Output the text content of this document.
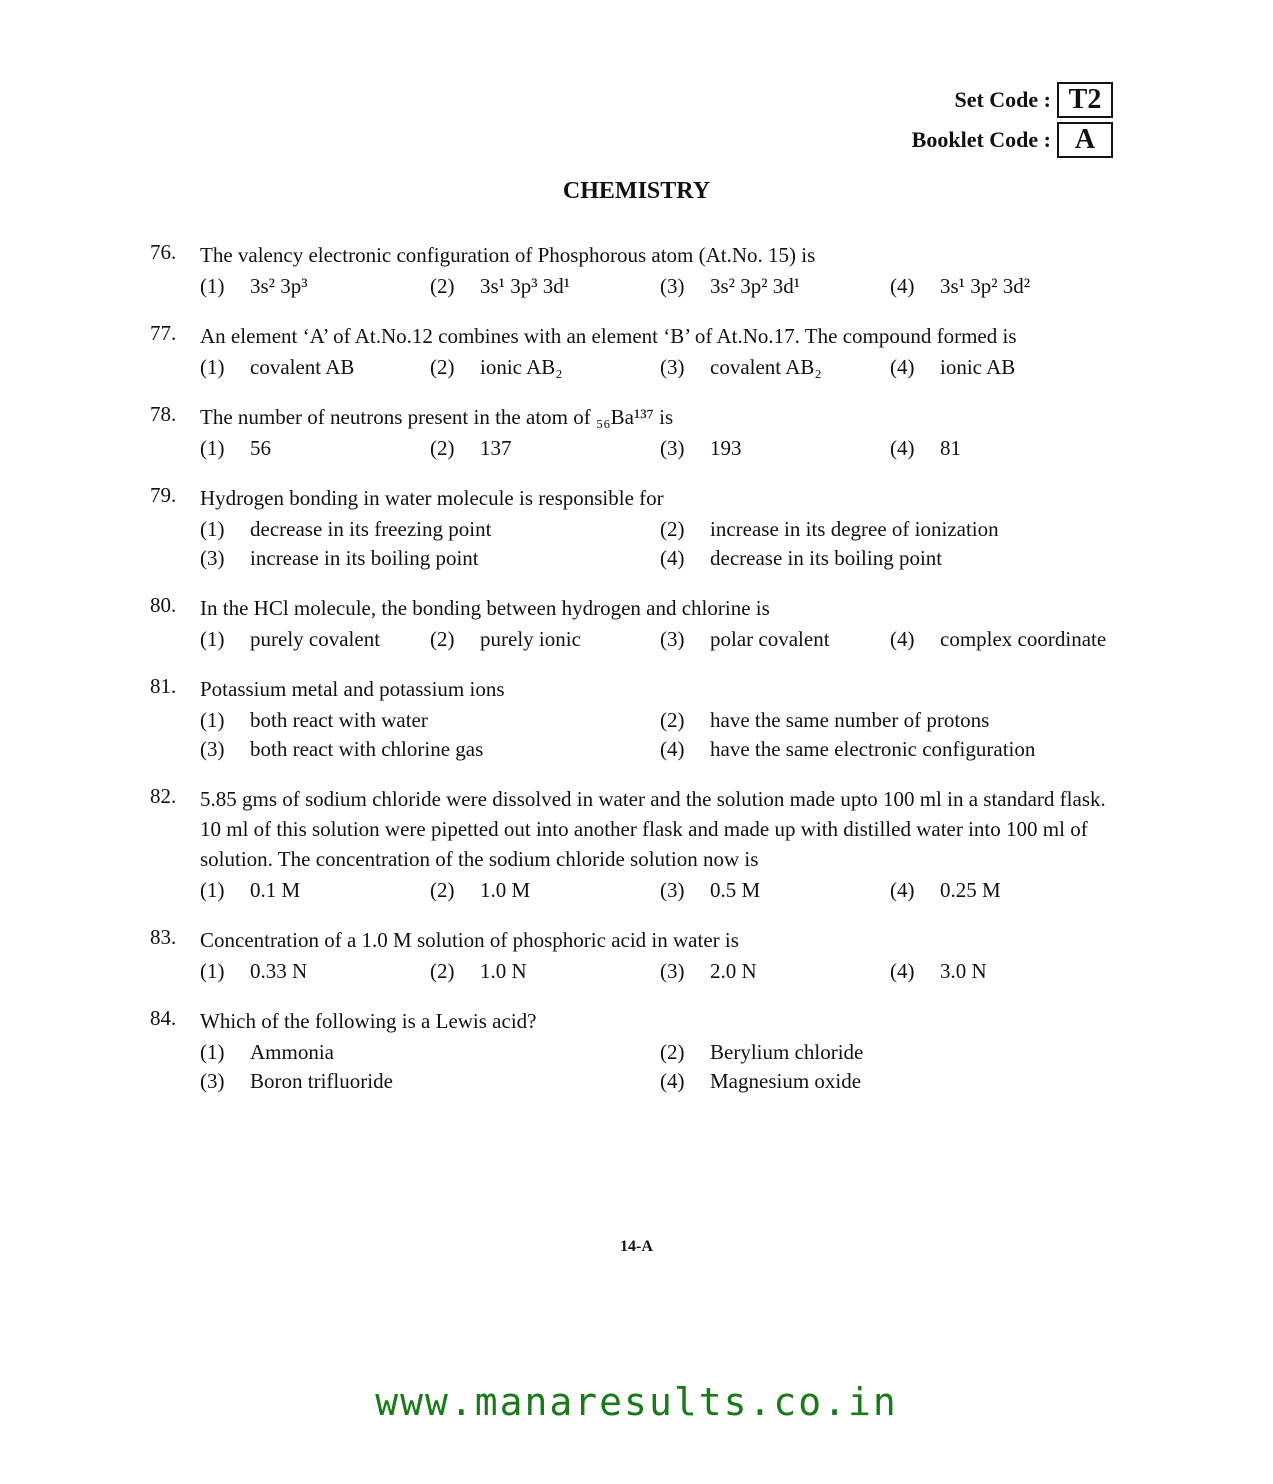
Set Code : T2
Booklet Code : A
CHEMISTRY
76.	The valency electronic configuration of Phosphorous atom (At.No. 15) is
(1)	3s² 3p³	(2)	3s¹ 3p³ 3d¹	(3)	3s² 3p² 3d¹	(4)	3s¹ 3p² 3d²
77.	An element ‘A’ of At.No.12 combines with an element ‘B’ of At.No.17. The compound formed is
(1)	covalent AB	(2)	ionic AB₂	(3)	covalent AB₂	(4)	ionic AB
78.	The number of neutrons present in the atom of ₅₆Ba¹³⁷ is
(1)	56	(2)	137	(3)	193	(4)	81
79.	Hydrogen bonding in water molecule is responsible for
(1)	decrease in its freezing point	(2)	increase in its degree of ionization
(3)	increase in its boiling point	(4)	decrease in its boiling point
80.	In the HCl molecule, the bonding between hydrogen and chlorine is
(1)	purely covalent (2)	purely ionic	(3)	polar covalent	(4)	complex coordinate
81.	Potassium metal and potassium ions
(1)	both react with water	(2)	have the same number of protons
(3)	both react with chlorine gas	(4)	have the same electronic configuration
82.	5.85 gms of sodium chloride were dissolved in water and the solution made upto 100 ml in a standard flask. 10 ml of this solution were pipetted out into another flask and made up with distilled water into 100 ml of solution. The concentration of the sodium chloride solution now is
(1)	0.1 M	(2)	1.0 M	(3)	0.5 M	(4)	0.25 M
83.	Concentration of a 1.0 M solution of phosphoric acid in water is
(1)	0.33 N	(2)	1.0 N	(3)	2.0 N	(4)	3.0 N
84.	Which of the following is a Lewis acid?
(1)	Ammonia	(2)	Berylium chloride
(3)	Boron trifluoride	(4)	Magnesium oxide
14-A
www.manaresults.co.in
